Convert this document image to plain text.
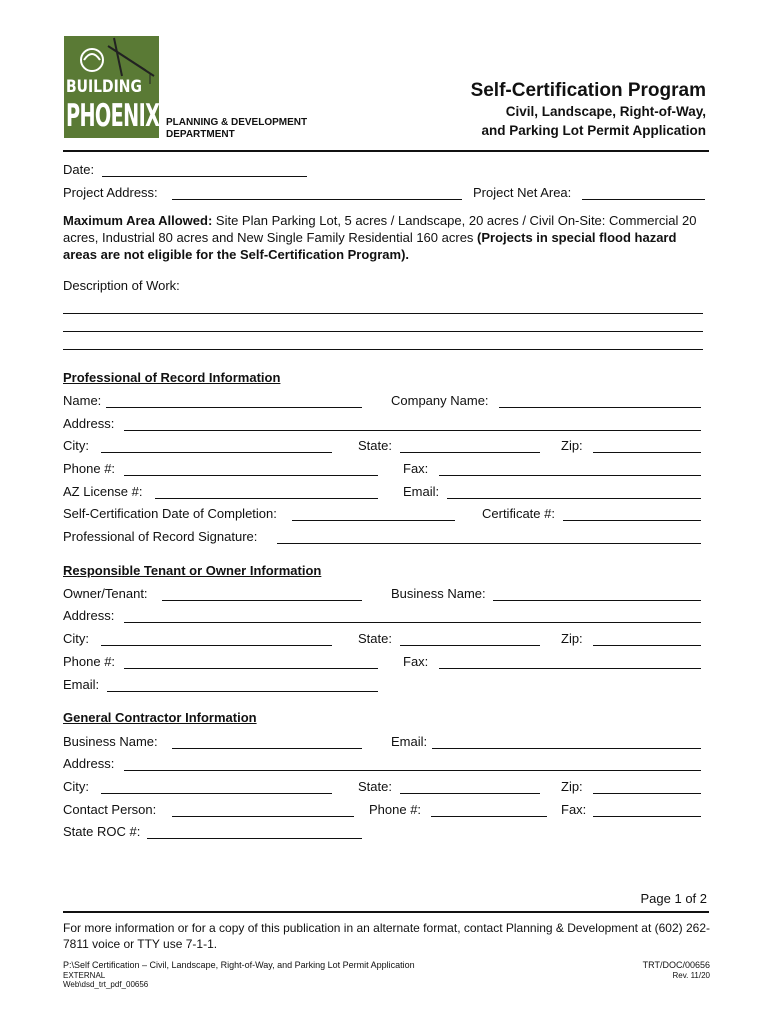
BUILDING
PHOENIX PLANNING & DEVELOPMENT
DEPARTMENT
Self-Certification Program
Civil, Landscape, Right-of-Way,
and Parking Lot Permit Application
Date:
Project Address:	Project Net Area:
Maximum Area Allowed: Site Plan Parking Lot, 5 acres / Landscape, 20 acres / Civil On-Site: Commercial 20 acres, Industrial 80 acres and New Single Family Residential 160 acres (Projects in special flood hazard areas are not eligible for the Self-Certification Program).
Description of Work:
Professional of Record Information
Name:	Company Name:
Address:
City:	State:	Zip:
Phone #:	Fax:
AZ License #:	Email:
Self-Certification Date of Completion:	Certificate #:
Professional of Record Signature:
Responsible Tenant or Owner Information
Owner/Tenant:	Business Name:
Address:
City:	State:	Zip:
Phone #:	Fax:
Email:
General Contractor Information
Business Name:	Email:
Address:
City:	State:	Zip:
Contact Person:	Phone #:	Fax:
State ROC #:
Page 1 of 2
For more information or for a copy of this publication in an alternate format, contact Planning & Development at (602) 262-7811 voice or TTY use 7-1-1.
P:\Self Certification – Civil, Landscape, Right-of-Way, and Parking Lot Permit Application
EXTERNAL
Web\dsd_trt_pdf_00656
TRT/DOC/00656
Rev. 11/20
